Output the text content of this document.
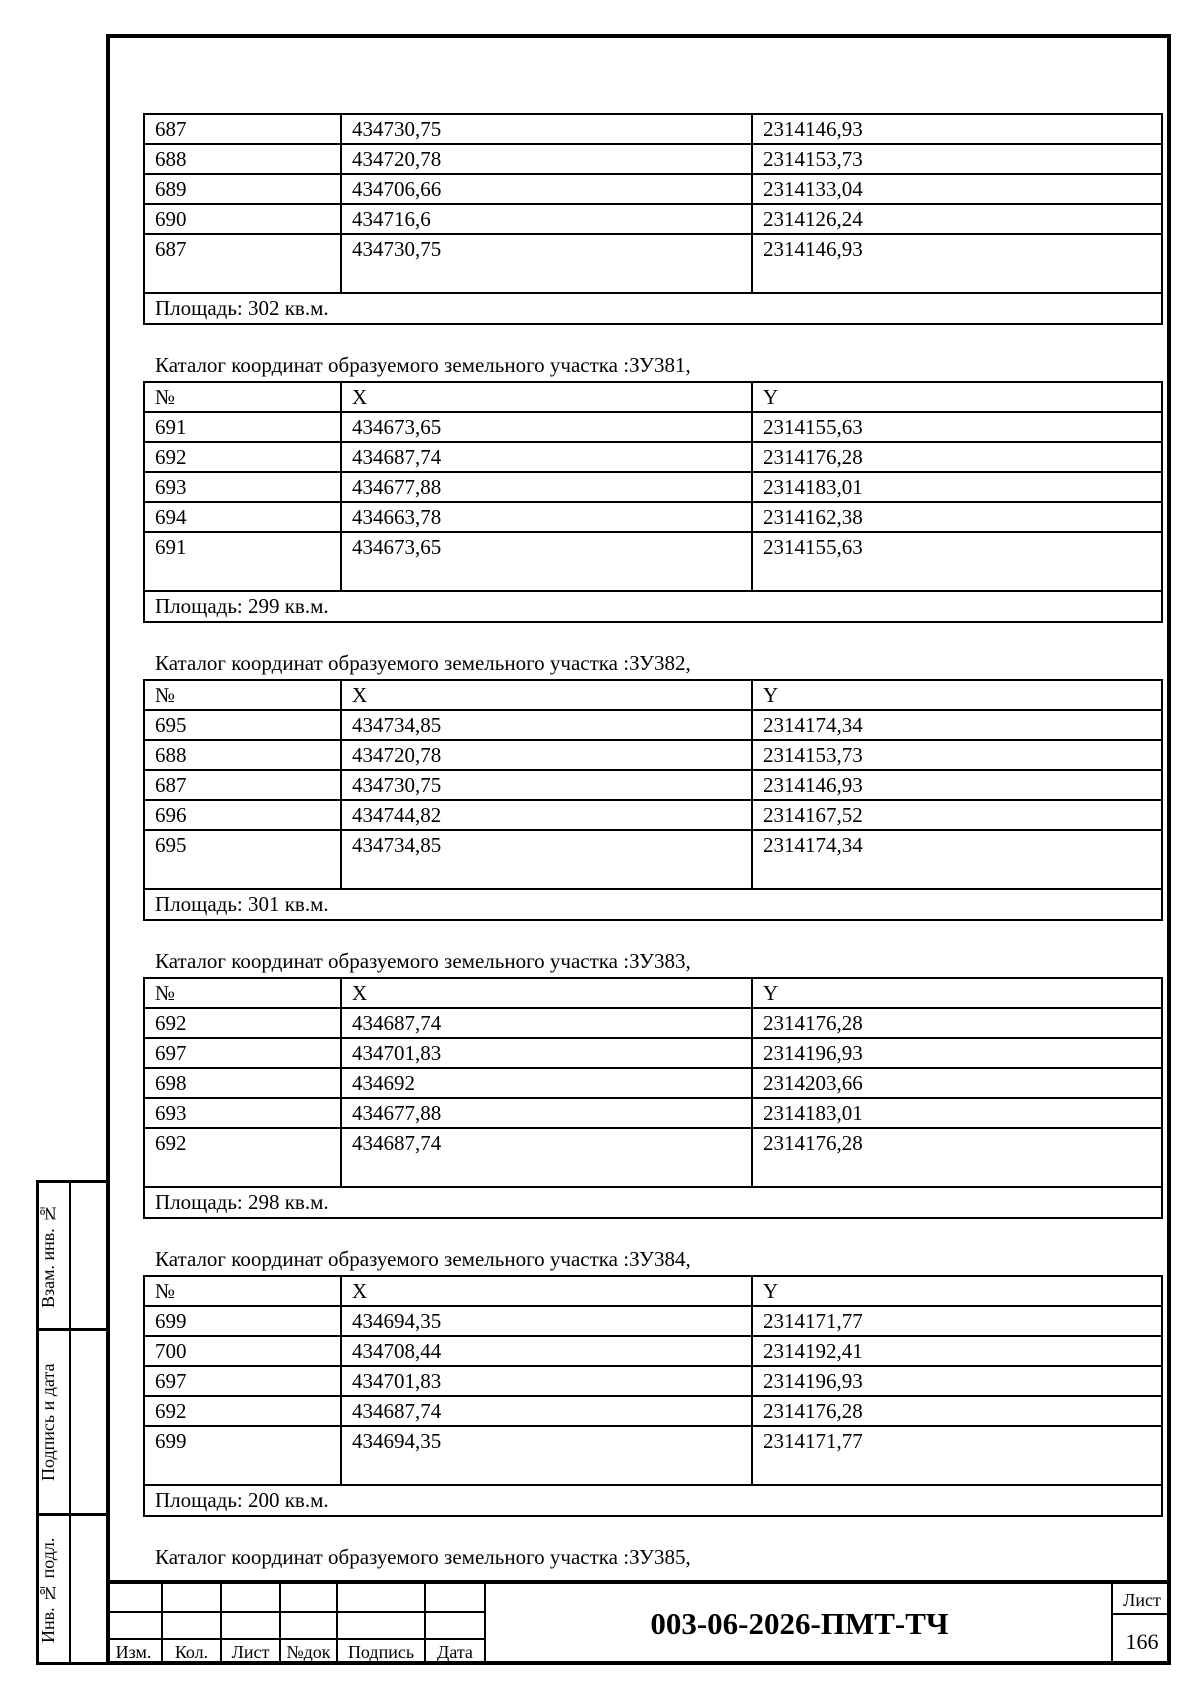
687	434730,75	2314146,93
688	434720,78	2314153,73
689	434706,66	2314133,04
690	434716,6	2314126,24
687	434730,75	2314146,93
Площадь: 302 кв.м.		
Каталог координат образуемого земельного участка :ЗУ381,
№	X	Y
691	434673,65	2314155,63
692	434687,74	2314176,28
693	434677,88	2314183,01
694	434663,78	2314162,38
691	434673,65	2314155,63
Площадь: 299 кв.м.		
Каталог координат образуемого земельного участка :ЗУ382,
№	X	Y
695	434734,85	2314174,34
688	434720,78	2314153,73
687	434730,75	2314146,93
696	434744,82	2314167,52
695	434734,85	2314174,34
Площадь: 301 кв.м.		
Каталог координат образуемого земельного участка :ЗУ383,
№	X	Y
692	434687,74	2314176,28
697	434701,83	2314196,93
698	434692	2314203,66
693	434677,88	2314183,01
692	434687,74	2314176,28
Площадь: 298 кв.м.		
Каталог координат образуемого земельного участка :ЗУ384,
№	X	Y
699	434694,35	2314171,77
700	434708,44	2314192,41
697	434701,83	2314196,93
692	434687,74	2314176,28
699	434694,35	2314171,77
Площадь: 200 кв.м.		
Каталог координат образуемого земельного участка :ЗУ385,
Взам. инв. №
Подпись и дата
Инв. № подл.
Изм.	Кол.	Лист №док Подпись	Дата
003-06-2026-ПМТ-ТЧ
Лист
166
